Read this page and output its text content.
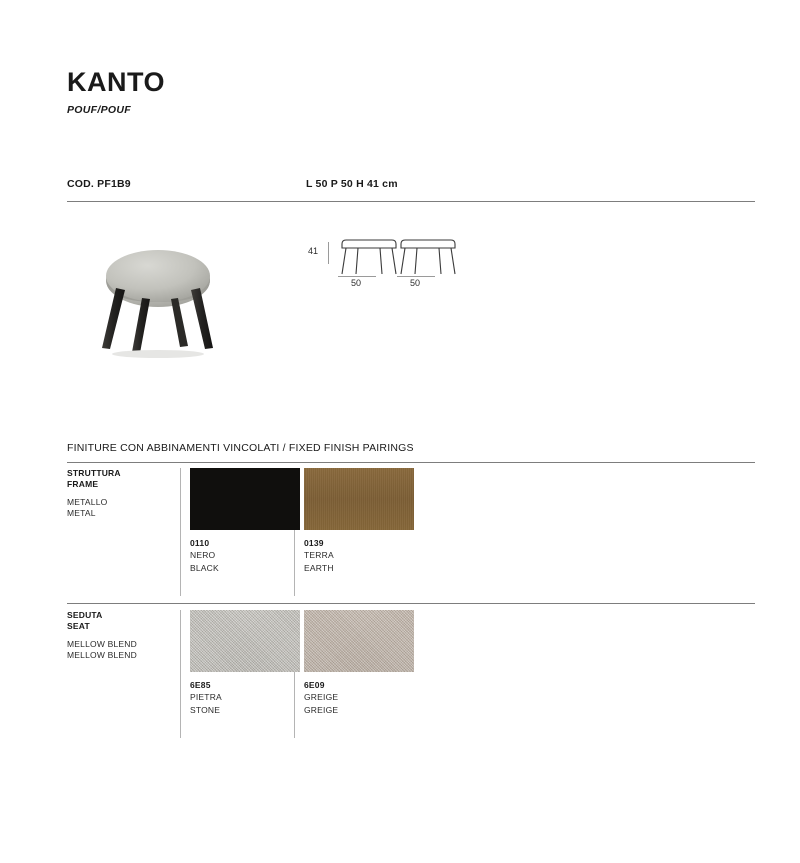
KANTO
POUF/POUF
COD. PF1B9	L 50 P 50 H 41 cm
41
50	50
FINITURE CON ABBINAMENTI VINCOLATI / FIXED FINISH PAIRINGS
STRUTTURA
FRAME
METALLO
METAL
0110
NERO
BLACK
0139
TERRA
EARTH
SEDUTA
SEAT
MELLOW BLEND
MELLOW BLEND
6E85
PIETRA
STONE
6E09
GREIGE
GREIGE
